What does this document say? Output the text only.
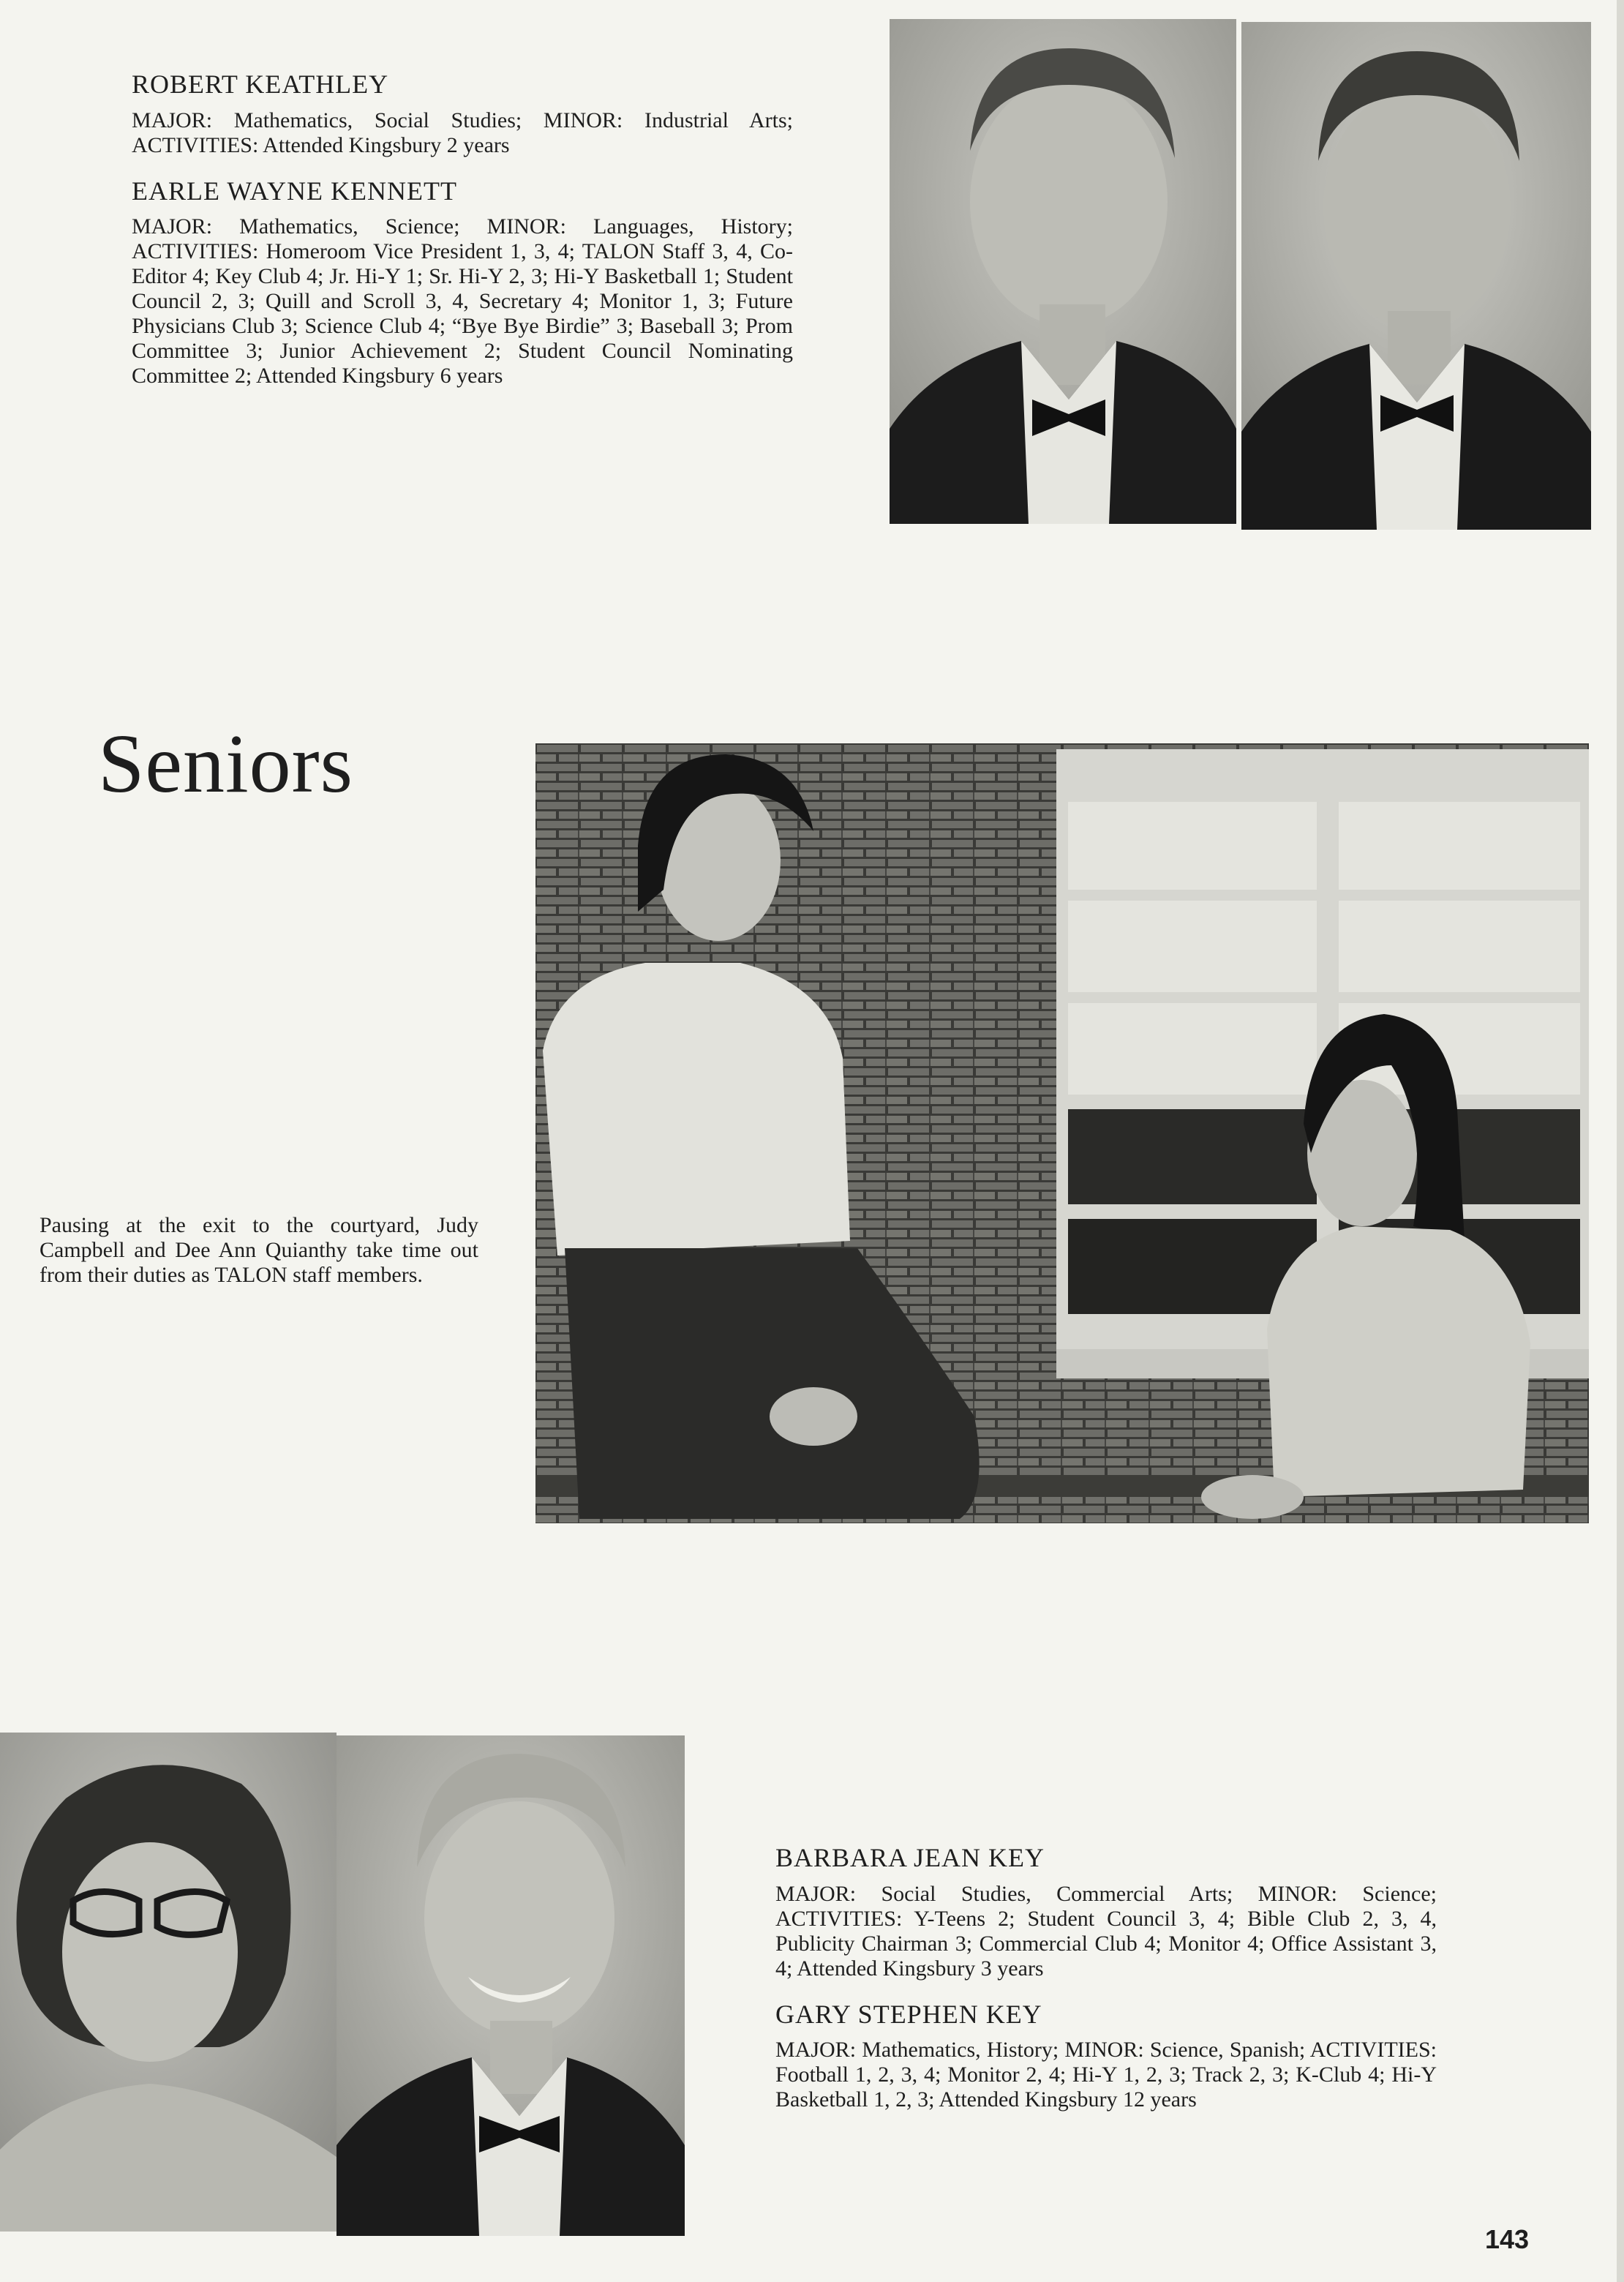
ROBERT KEATHLEY

MAJOR: Mathematics, Social Studies; MINOR: Industrial Arts; ACTIVITIES: Attended Kingsbury 2 years

EARLE WAYNE KENNETT

MAJOR: Mathematics, Science; MINOR: Languages, History; ACTIVITIES: Homeroom Vice President 1, 3, 4; TALON Staff 3, 4, Co-Editor 4; Key Club 4; Jr. Hi-Y 1; Sr. Hi-Y 2, 3; Hi-Y Basketball 1; Student Council 2, 3; Quill and Scroll 3, 4, Secretary 4; Monitor 1, 3; Future Physicians Club 3; Science Club 4; “Bye Bye Birdie” 3; Baseball 3; Prom Committee 3; Junior Achievement 2; Student Council Nominating Committee 2; Attended Kingsbury 6 years

Seniors

Pausing at the exit to the courtyard, Judy Campbell and Dee Ann Quianthy take time out from their duties as TALON staff members.

BARBARA JEAN KEY

MAJOR: Social Studies, Commercial Arts; MINOR: Science; ACTIVITIES: Y-Teens 2; Student Council 3, 4; Bible Club 2, 3, 4, Publicity Chairman 3; Commercial Club 4; Monitor 4; Office Assistant 3, 4; Attended Kingsbury 3 years

GARY STEPHEN KEY

MAJOR: Mathematics, History; MINOR: Science, Spanish; ACTIVITIES: Football 1, 2, 3, 4; Monitor 2, 4; Hi-Y 1, 2, 3; Track 2, 3; K-Club 4; Hi-Y Basketball 1, 2, 3; Attended Kingsbury 12 years

143
